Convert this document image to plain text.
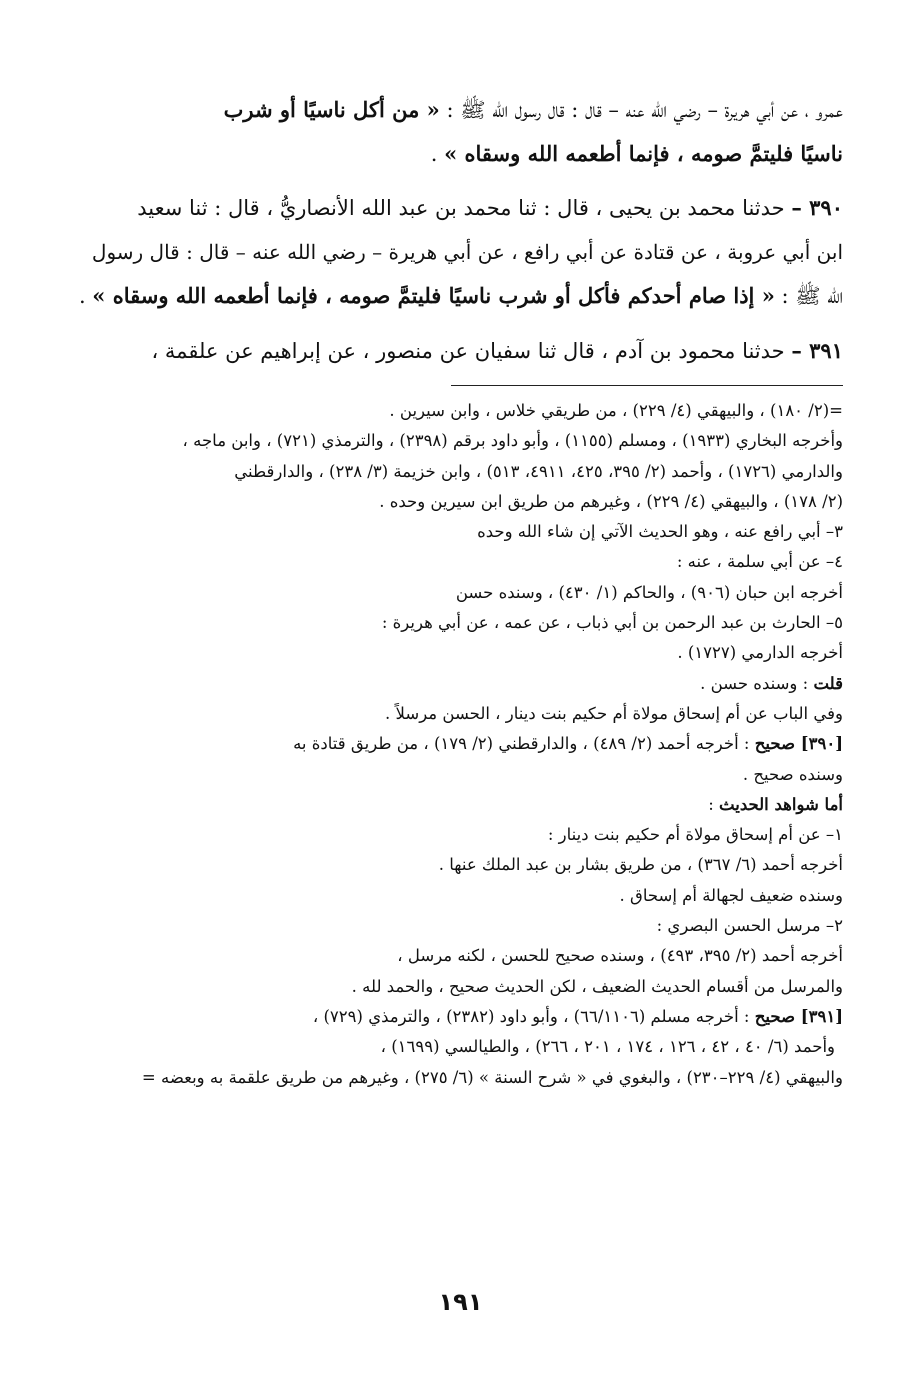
عمرو ، عن أبي هريرة – رضي الله عنه – قال : قال رسول الله ﷺ : « من أكل ناسيًا أو شرب
ناسيًا فليتمَّ صومه ، فإنما أطعمه الله وسقاه » .
٣٩٠ – حدثنا محمد بن يحيى ، قال : ثنا محمد بن عبد الله الأنصاريُّ ، قال : ثنا سعيد
ابن أبي عروبة ، عن قتادة عن أبي رافع ، عن أبي هريرة – رضي الله عنه – قال : قال رسول
الله ﷺ : « إذا صام أحدكم فأكل أو شرب ناسيًا فليتمَّ صومه ، فإنما أطعمه الله وسقاه » .
٣٩١ – حدثنا محمود بن آدم ، قال ثنا سفيان عن منصور ، عن إبراهيم عن علقمة ،
=(٢/ ١٨٠) ، والبيهقي (٤/ ٢٢٩) ، من طريقي خلاس ، وابن سيرين .
وأخرجه البخاري (١٩٣٣) ، ومسلم (١١٥٥) ، وأبو داود برقم (٢٣٩٨) ، والترمذي (٧٢١) ، وابن ماجه ،
والدارمي (١٧٢٦) ، وأحمد (٢/ ٣٩٥، ٤٢٥، ٤٩١١، ٥١٣) ، وابن خزيمة (٣/ ٢٣٨) ، والدارقطني
(٢/ ١٧٨) ، والبيهقي (٤/ ٢٢٩) ، وغيرهم من طريق ابن سيرين وحده .
٣– أبي رافع عنه ، وهو الحديث الآتي إن شاء الله وحده
٤– عن أبي سلمة ، عنه :
أخرجه ابن حبان (٩٠٦) ، والحاكم (١/ ٤٣٠) ، وسنده حسن
٥– الحارث بن عبد الرحمن بن أبي ذباب ، عن عمه ، عن أبي هريرة :
أخرجه الدارمي (١٧٢٧) .
قلت : وسنده حسن .
وفي الباب عن أم إسحاق مولاة أم حكيم بنت دينار ، الحسن مرسلاً .
[٣٩٠] صحيح : أخرجه أحمد (٢/ ٤٨٩) ، والدارقطني (٢/ ١٧٩) ، من طريق قتادة به
وسنده صحيح .
أما شواهد الحديث :
١– عن أم إسحاق مولاة أم حكيم بنت دينار :
أخرجه أحمد (٦/ ٣٦٧) ، من طريق بشار بن عبد الملك عنها .
وسنده ضعيف لجهالة أم إسحاق .
٢– مرسل الحسن البصري :
أخرجه أحمد (٢/ ٣٩٥، ٤٩٣) ، وسنده صحيح للحسن ، لكنه مرسل ،
والمرسل من أقسام الحديث الضعيف ، لكن الحديث صحيح ، والحمد لله .
[٣٩١] صحيح : أخرجه مسلم (٦٦/١١٠٦) ، وأبو داود (٢٣٨٢) ، والترمذي (٧٢٩) ،
وأحمد (٦/ ٤٠ ، ٤٢ ، ١٢٦ ، ١٧٤ ، ٢٠١ ، ٢٦٦) ، والطيالسي (١٦٩٩) ،
والبيهقي (٤/ ٢٢٩–٢٣٠) ، والبغوي في « شرح السنة » (٦/ ٢٧٥) ، وغيرهم من طريق علقمة به وبعضه =
١٩١
